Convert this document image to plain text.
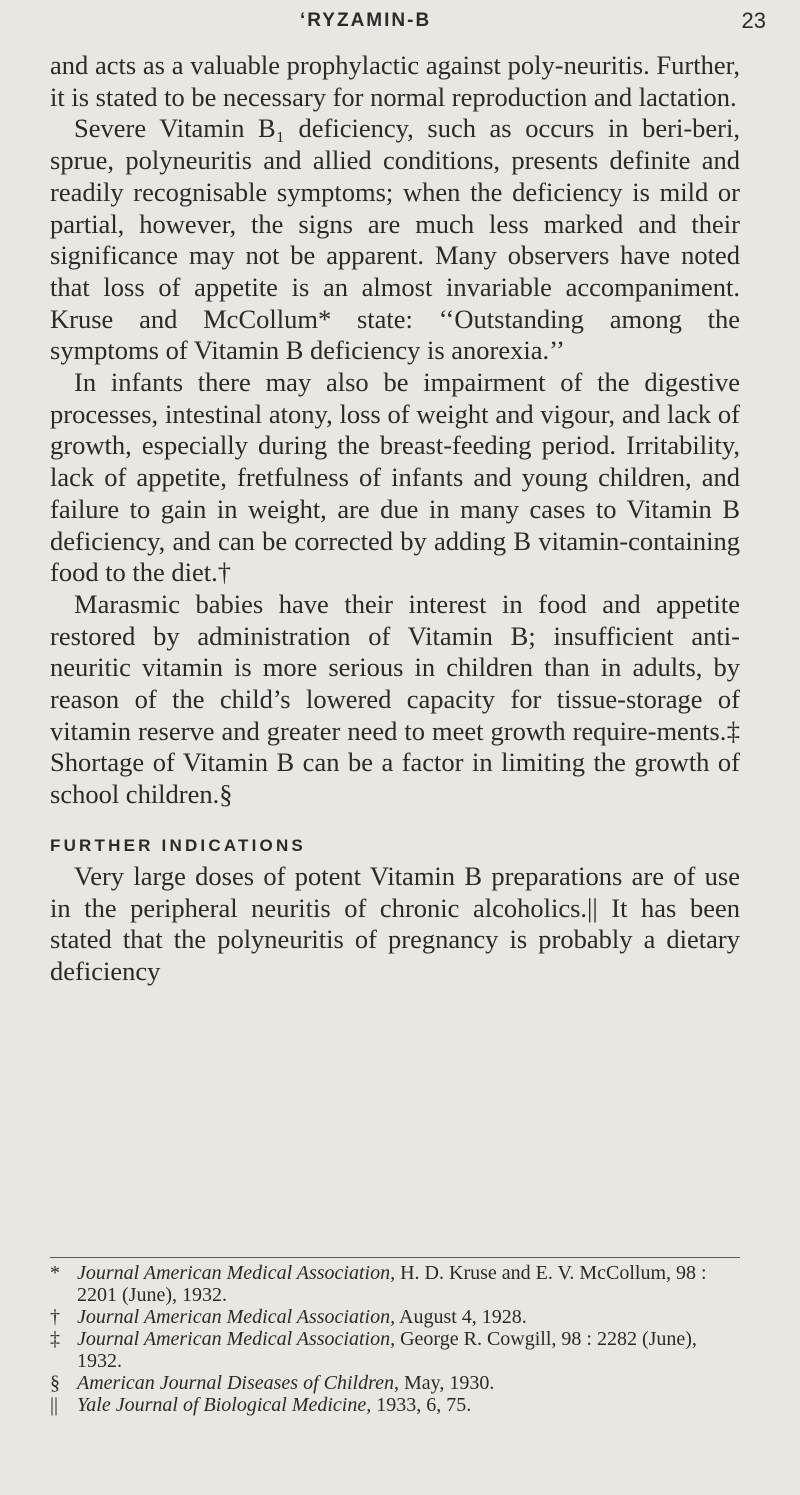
‘RYZAMIN-B	23

and acts as a valuable prophylactic against poly-neuritis. Further, it is stated to be necessary for normal reproduction and lactation.

Severe Vitamin B₁ deficiency, such as occurs in beri-beri, sprue, polyneuritis and allied conditions, presents definite and readily recognisable symptoms; when the deficiency is mild or partial, however, the signs are much less marked and their significance may not be apparent. Many observers have noted that loss of appetite is an almost invariable accompaniment. Kruse and McCollum* state: ‘‘Outstanding among the symptoms of Vitamin B deficiency is anorexia.’’

In infants there may also be impairment of the digestive processes, intestinal atony, loss of weight and vigour, and lack of growth, especially during the breast-feeding period. Irritability, lack of appetite, fretfulness of infants and young children, and failure to gain in weight, are due in many cases to Vitamin B deficiency, and can be corrected by adding B vitamin-containing food to the diet.†

Marasmic babies have their interest in food and appetite restored by administration of Vitamin B; insufficient anti-neuritic vitamin is more serious in children than in adults, by reason of the child’s lowered capacity for tissue-storage of vitamin reserve and greater need to meet growth require-ments.‡ Shortage of Vitamin B can be a factor in limiting the growth of school children.§

FURTHER INDICATIONS

Very large doses of potent Vitamin B preparations are of use in the peripheral neuritis of chronic alcoholics.|| It has been stated that the polyneuritis of pregnancy is probably a dietary deficiency

* Journal American Medical Association, H. D. Kruse and E. V. McCollum, 98 : 2201 (June), 1932.

† Journal American Medical Association, August 4, 1928.

‡ Journal American Medical Association, George R. Cowgill, 98 : 2282 (June), 1932.

§ American Journal Diseases of Children, May, 1930.

|| Yale Journal of Biological Medicine, 1933, 6, 75.
